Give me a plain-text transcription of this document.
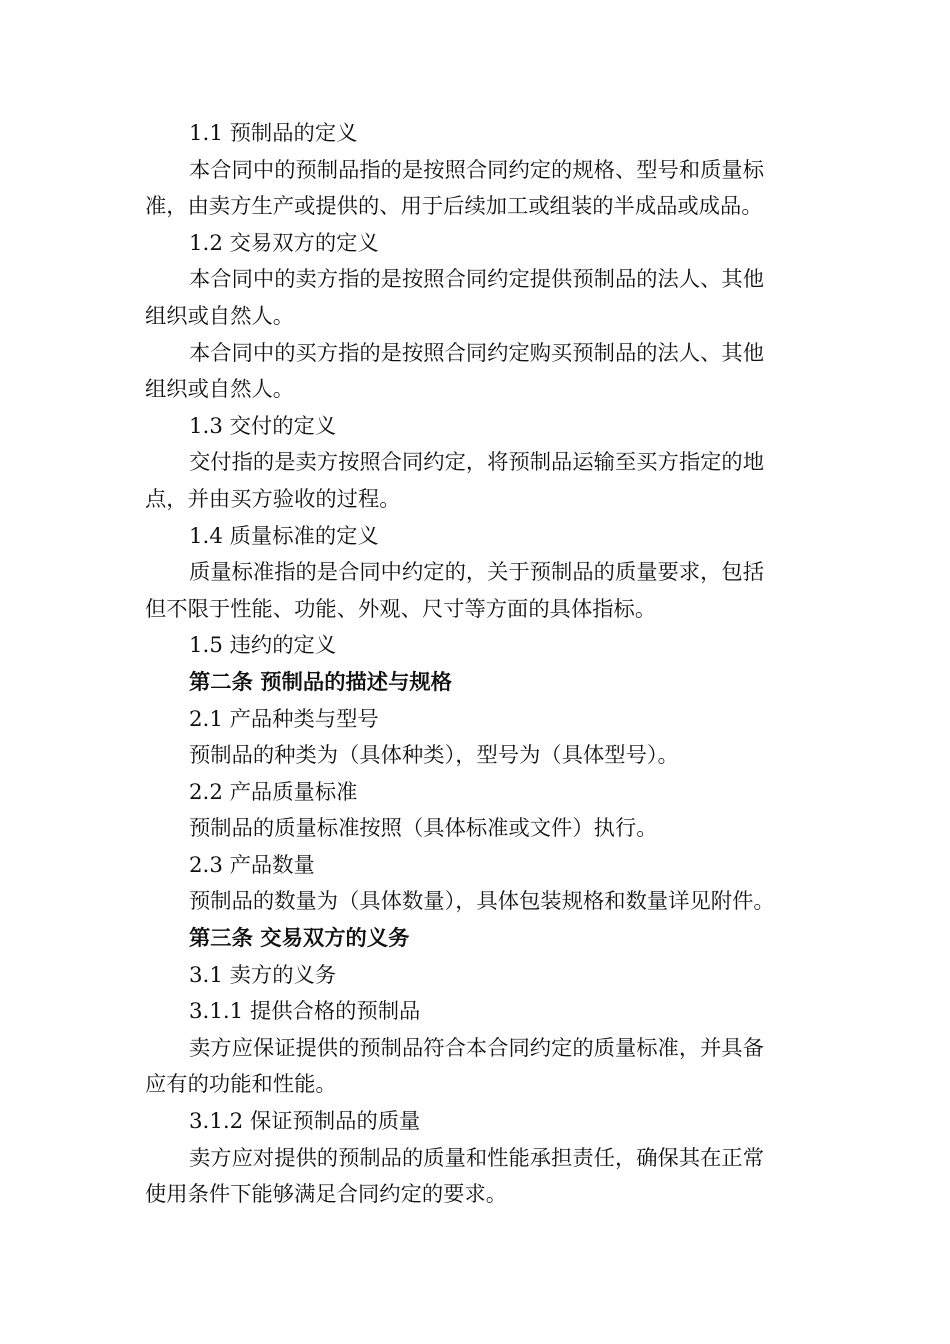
1.1 预制品的定义

本合同中的预制品指的是按照合同约定的规格、型号和质量标

准，由卖方生产或提供的、用于后续加工或组装的半成品或成品。

1.2 交易双方的定义

本合同中的卖方指的是按照合同约定提供预制品的法人、其他

组织或自然人。

本合同中的买方指的是按照合同约定购买预制品的法人、其他

组织或自然人。

1.3 交付的定义

交付指的是卖方按照合同约定，将预制品运输至买方指定的地

点，并由买方验收的过程。

1.4 质量标准的定义

质量标准指的是合同中约定的，关于预制品的质量要求，包括

但不限于性能、功能、外观、尺寸等方面的具体指标。

1.5 违约的定义

第二条 预制品的描述与规格

2.1 产品种类与型号

预制品的种类为（具体种类），型号为（具体型号）。

2.2 产品质量标准

预制品的质量标准按照（具体标准或文件）执行。

2.3 产品数量

预制品的数量为（具体数量），具体包装规格和数量详见附件。

第三条 交易双方的义务

3.1 卖方的义务

3.1.1 提供合格的预制品

卖方应保证提供的预制品符合本合同约定的质量标准，并具备

应有的功能和性能。

3.1.2 保证预制品的质量

卖方应对提供的预制品的质量和性能承担责任，确保其在正常

使用条件下能够满足合同约定的要求。
